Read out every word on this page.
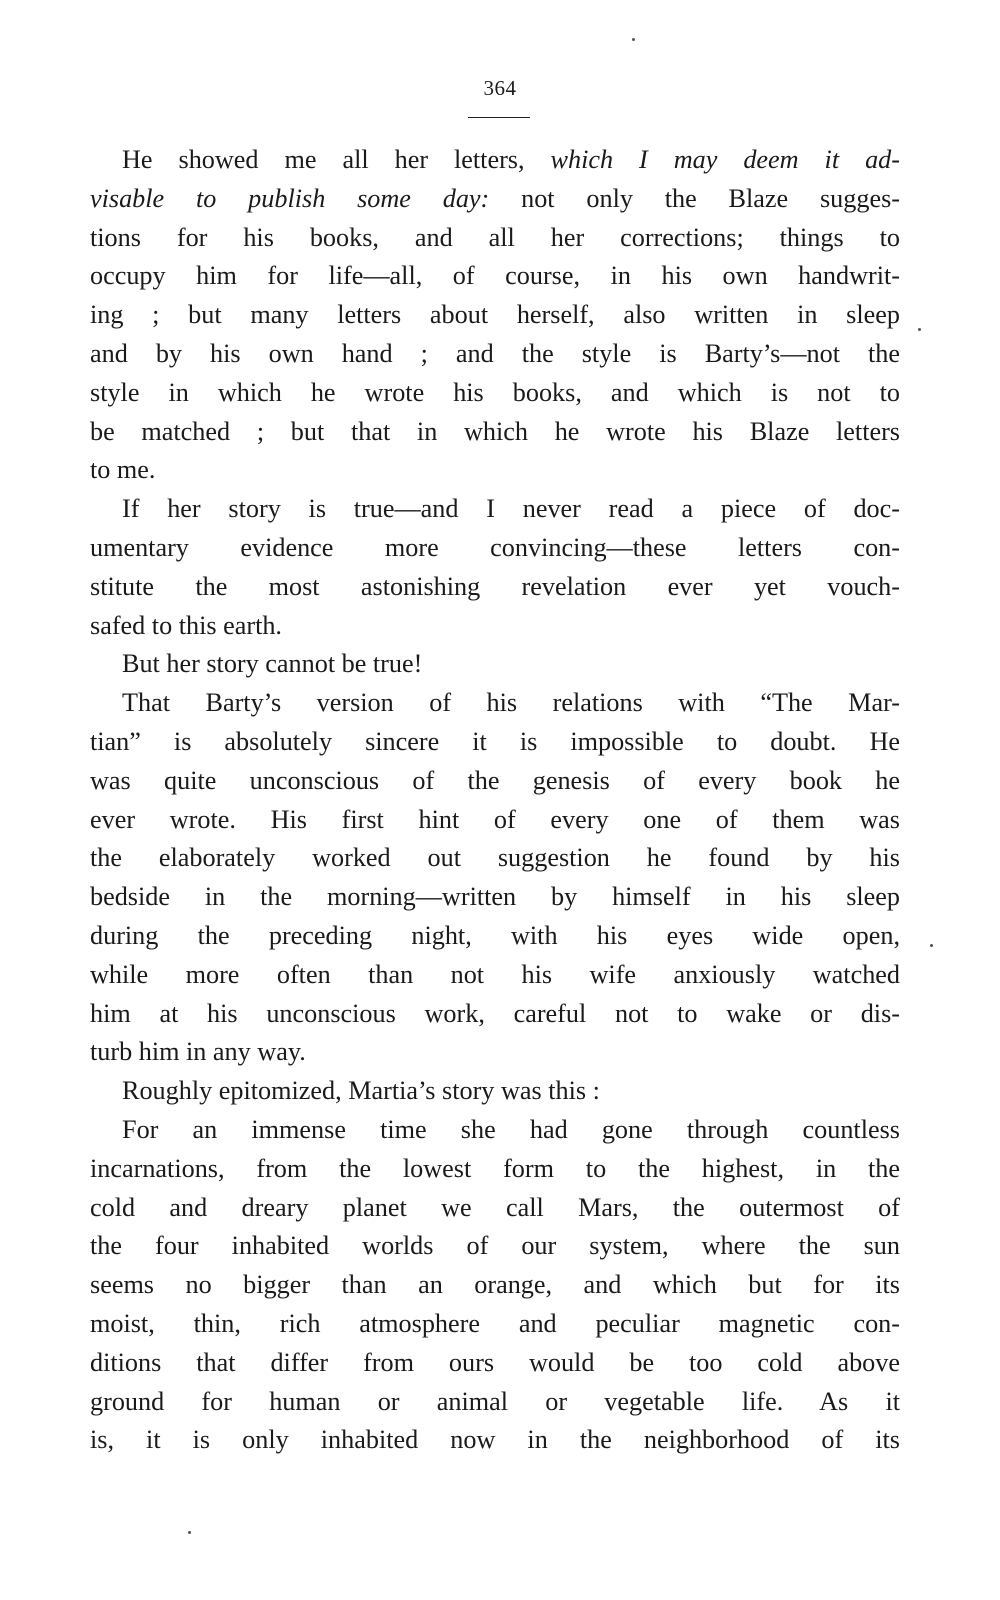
364
He showed me all her letters, which I may deem it ad-
visable to publish some day: not only the Blaze sugges-
tions for his books, and all her corrections; things to
occupy him for life—all, of course, in his own handwrit-
ing ; but many letters about herself, also written in sleep
and by his own hand ; and the style is Barty’s—not the
style in which he wrote his books, and which is not to
be matched ; but that in which he wrote his Blaze letters
to me.
If her story is true—and I never read a piece of doc-
umentary evidence more convincing—these letters con-
stitute the most astonishing revelation ever yet vouch-
safed to this earth.
But her story cannot be true!
That Barty’s version of his relations with “The Mar-
tian” is absolutely sincere it is impossible to doubt. He
was quite unconscious of the genesis of every book he
ever wrote. His first hint of every one of them was
the elaborately worked out suggestion he found by his
bedside in the morning—written by himself in his sleep
during the preceding night, with his eyes wide open,
while more often than not his wife anxiously watched
him at his unconscious work, careful not to wake or dis-
turb him in any way.
Roughly epitomized, Martia’s story was this :
For an immense time she had gone through countless
incarnations, from the lowest form to the highest, in the
cold and dreary planet we call Mars, the outermost of
the four inhabited worlds of our system, where the sun
seems no bigger than an orange, and which but for its
moist, thin, rich atmosphere and peculiar magnetic con-
ditions that differ from ours would be too cold above
ground for human or animal or vegetable life. As it
is, it is only inhabited now in the neighborhood of its
